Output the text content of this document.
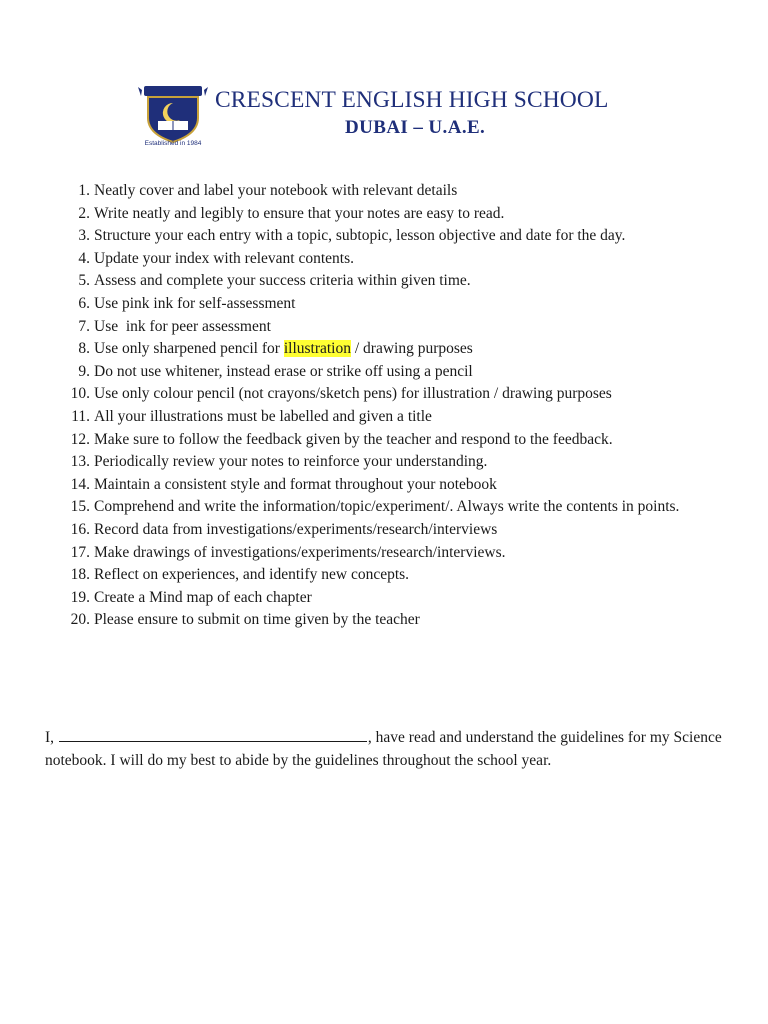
Established in 1984
CRESCENT ENGLISH HIGH SCHOOL
DUBAI – U.A.E.
1. Neatly cover and label your notebook with relevant details
2. Write neatly and legibly to ensure that your notes are easy to read.
3. Structure your each entry with a topic, subtopic, lesson objective and date for the day.
4. Update your index with relevant contents.
5. Assess and complete your success criteria within given time.
6. Use pink ink for self-assessment
7. Use  ink for peer assessment
8. Use only sharpened pencil for illustration / drawing purposes
9. Do not use whitener, instead erase or strike off using a pencil
10. Use only colour pencil (not crayons/sketch pens) for illustration / drawing purposes
11. All your illustrations must be labelled and given a title
12. Make sure to follow the feedback given by the teacher and respond to the feedback.
13. Periodically review your notes to reinforce your understanding.
14. Maintain a consistent style and format throughout your notebook
15. Comprehend and write the information/topic/experiment/. Always write the contents in points.
16. Record data from investigations/experiments/research/interviews
17. Make drawings of investigations/experiments/research/interviews.
18. Reflect on experiences, and identify new concepts.
19. Create a Mind map of each chapter
20. Please ensure to submit on time given by the teacher

I,	, have read and understand the guidelines for my Science notebook. I will do my best to abide by the guidelines throughout the school year.
